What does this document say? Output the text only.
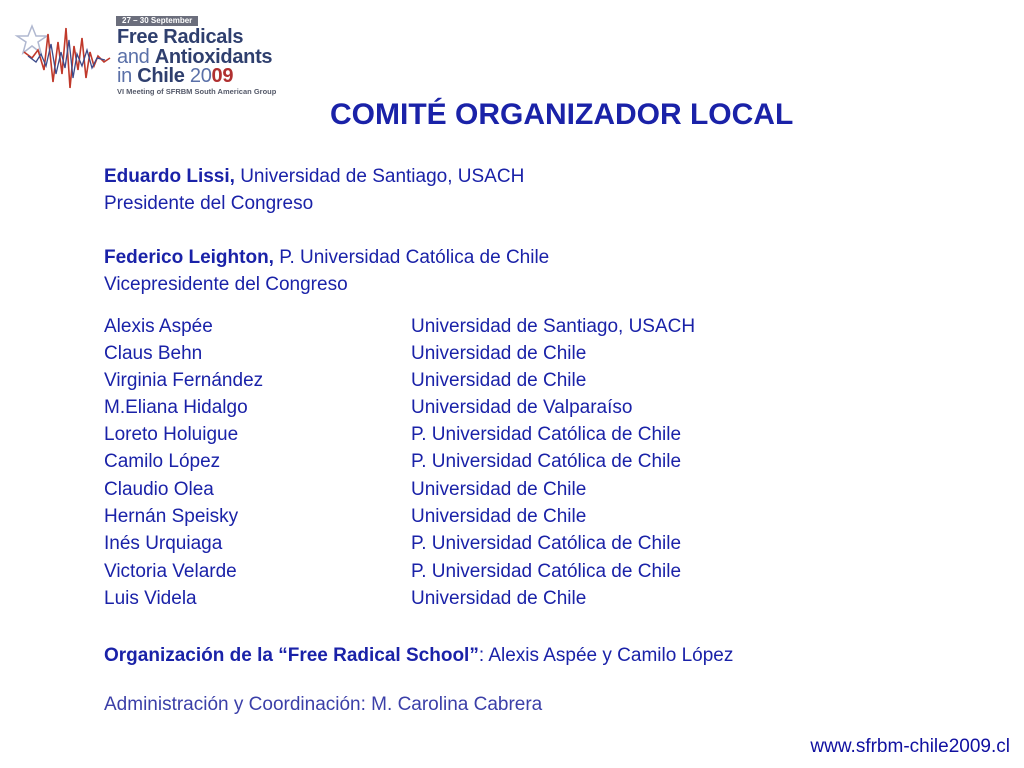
27 – 30 September
Free Radicals
and Antioxidants
in Chile 2009
VI Meeting of SFRBM South American Group
COMITÉ ORGANIZADOR LOCAL
Eduardo Lissi, Universidad de Santiago, USACH
Presidente del Congreso
Federico Leighton, P. Universidad Católica de Chile
Vicepresidente del Congreso
Alexis Aspée	Universidad de Santiago, USACH
Claus Behn	Universidad de Chile
Virginia Fernández	Universidad de Chile
M.Eliana Hidalgo	Universidad de Valparaíso
Loreto Holuigue	P. Universidad Católica de Chile
Camilo López	P. Universidad Católica de Chile
Claudio Olea	Universidad de Chile
Hernán Speisky	Universidad de Chile
Inés Urquiaga	P. Universidad Católica de Chile
Victoria Velarde	P. Universidad Católica de Chile
Luis Videla	Universidad de Chile
Organización de la “Free Radical School”: Alexis Aspée y Camilo López
Administración y Coordinación: M. Carolina Cabrera
www.sfrbm-chile2009.cl
